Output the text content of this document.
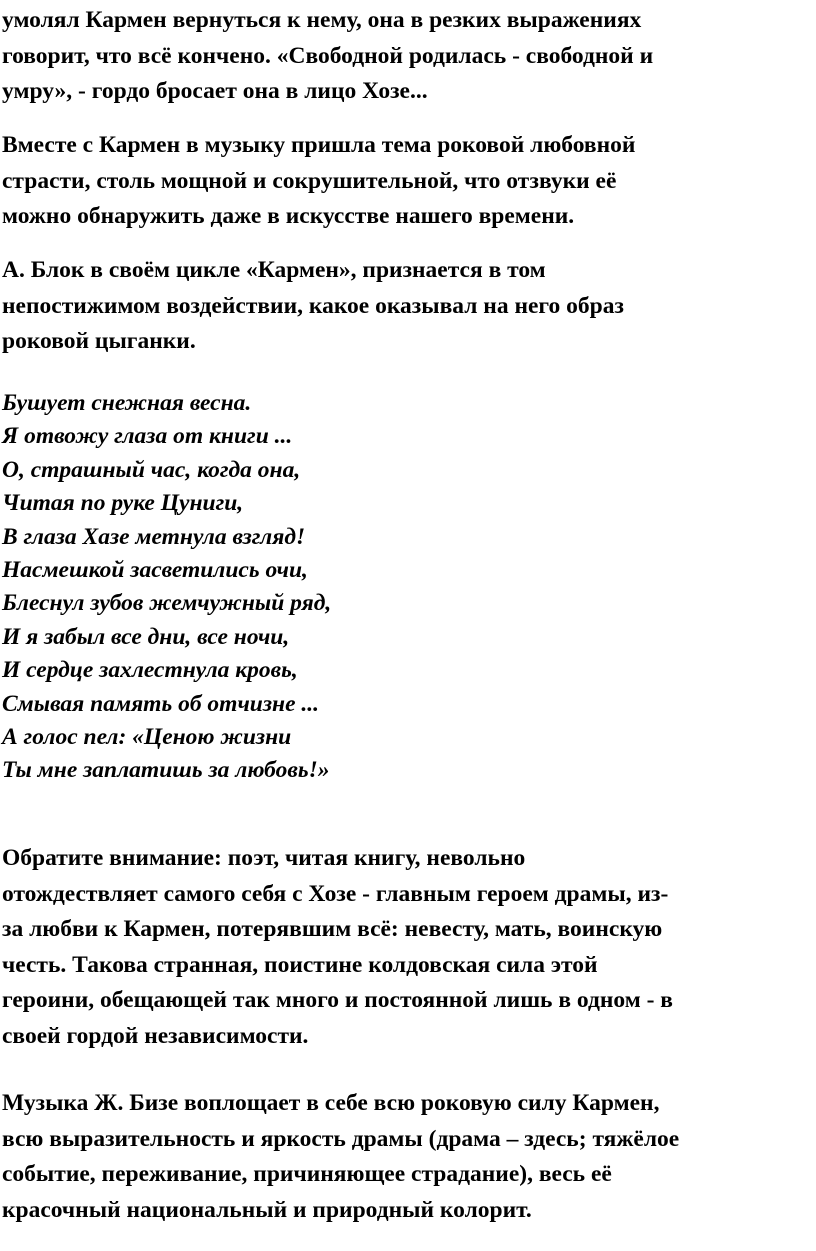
умолял Кармен вернуться к нему, она в резких выражениях
говорит, что всё кончено. «Свободной родилась - свободной и
умру», - гордо бросает она в лицо Хозе...
Вместе с Кармен в музыку пришла тема роковой любовной
страсти, столь мощной и сокрушительной, что отзвуки её
можно обнаружить даже в искусстве нашего времени.
А. Блок в своём цикле «Кармен», признается в том
непостижимом воздействии, какое оказывал на него образ
роковой цыганки.
Бушует снежная весна.
Я отвожу глаза от книги ...
О, страшный час, когда она,
Читая по руке Цуниги,
В глаза Хазе метнула взгляд!
Насмешкой засветились очи,
Блеснул зубов жемчужный ряд,
И я забыл все дни, все ночи,
И сердце захлестнула кровь,
Смывая память об отчизне ...
А голос пел: «Ценою жизни
Ты мне заплатишь за любовь!»
Обратите внимание: поэт, читая книгу, невольно
отождествляет самого себя с Хозе - главным героем драмы, из-
за любви к Кармен, потерявшим всё: невесту, мать, воинскую
честь. Такова странная, поистине колдовская сила этой
героини, обещающей так много и постоянной лишь в одном - в
своей гордой независимости.
Музыка Ж. Бизе воплощает в себе всю роковую силу Кармен,
всю выразительность и яркость драмы (драма – здесь; тяжёлое
событие, переживание, причиняющее страдание), весь её
красочный национальный и природный колорит.
